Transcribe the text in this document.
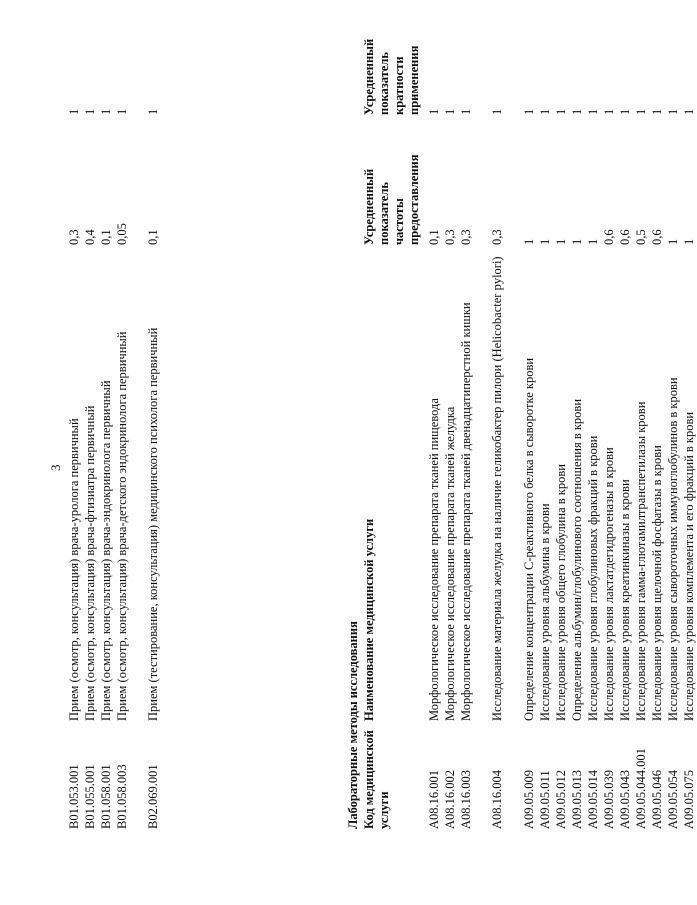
3
B01.053.001
Прием (осмотр, консультация) врача-уролога первичный
0,3
1
B01.055.001
Прием (осмотр, консультация) врача-фтизиатра первичный
0,4
1
B01.058.001
Прием (осмотр, консультация) врача-эндокринолога первичный
0,1
1
B01.058.003
Прием (осмотр, консультация) врача-детского эндокринолога первичный
0,05
1
B02.069.001
Прием (тестирование, консультация) медицинского психолога первичный
0,1
1
Лабораторные методы исследования Код медицинской услуги
Наименование медицинской услуги
Усредненный показатель частоты предоставления
Усредненный показатель кратности применения
A08.16.001
Морфологическое исследование препарата тканей пищевода
0,1
1
A08.16.002
Морфологическое исследование препарата тканей желудка
0,3
1
A08.16.003
Морфологическое исследование препарата тканей двенадцатиперстной кишки
0,3
1
A08.16.004
Исследование материала желудка на наличие геликобактер пилори (Helicobacter pylori)
0,3
1
A09.05.009
Определение концентрации C-реактивного белка в сыворотке крови
1
1
A09.05.011
Исследование уровня альбумина в крови
1
1
A09.05.012
Исследование уровня общего глобулина в крови
1
1
A09.05.013
Определение альбумин/глобулинового соотношения в крови
1
1
A09.05.014
Исследование уровня глобулиновых фракций в крови
1
1
A09.05.039
Исследование уровня лактатдегидрогеназы в крови
0,6
1
A09.05.043
Исследование уровня креатинкиназы в крови
0,6
1
A09.05.044.001
Исследование уровня гамма-глютамилтранспетилазы крови
0,5
1
A09.05.046
Исследование уровня щелочной фосфатазы в крови
0,6
1
A09.05.054
Исследование уровня сывороточных иммуноглобулинов в крови
1
1
A09.05.075
Исследование уровня комплемента и его фракций в крови
1
1
